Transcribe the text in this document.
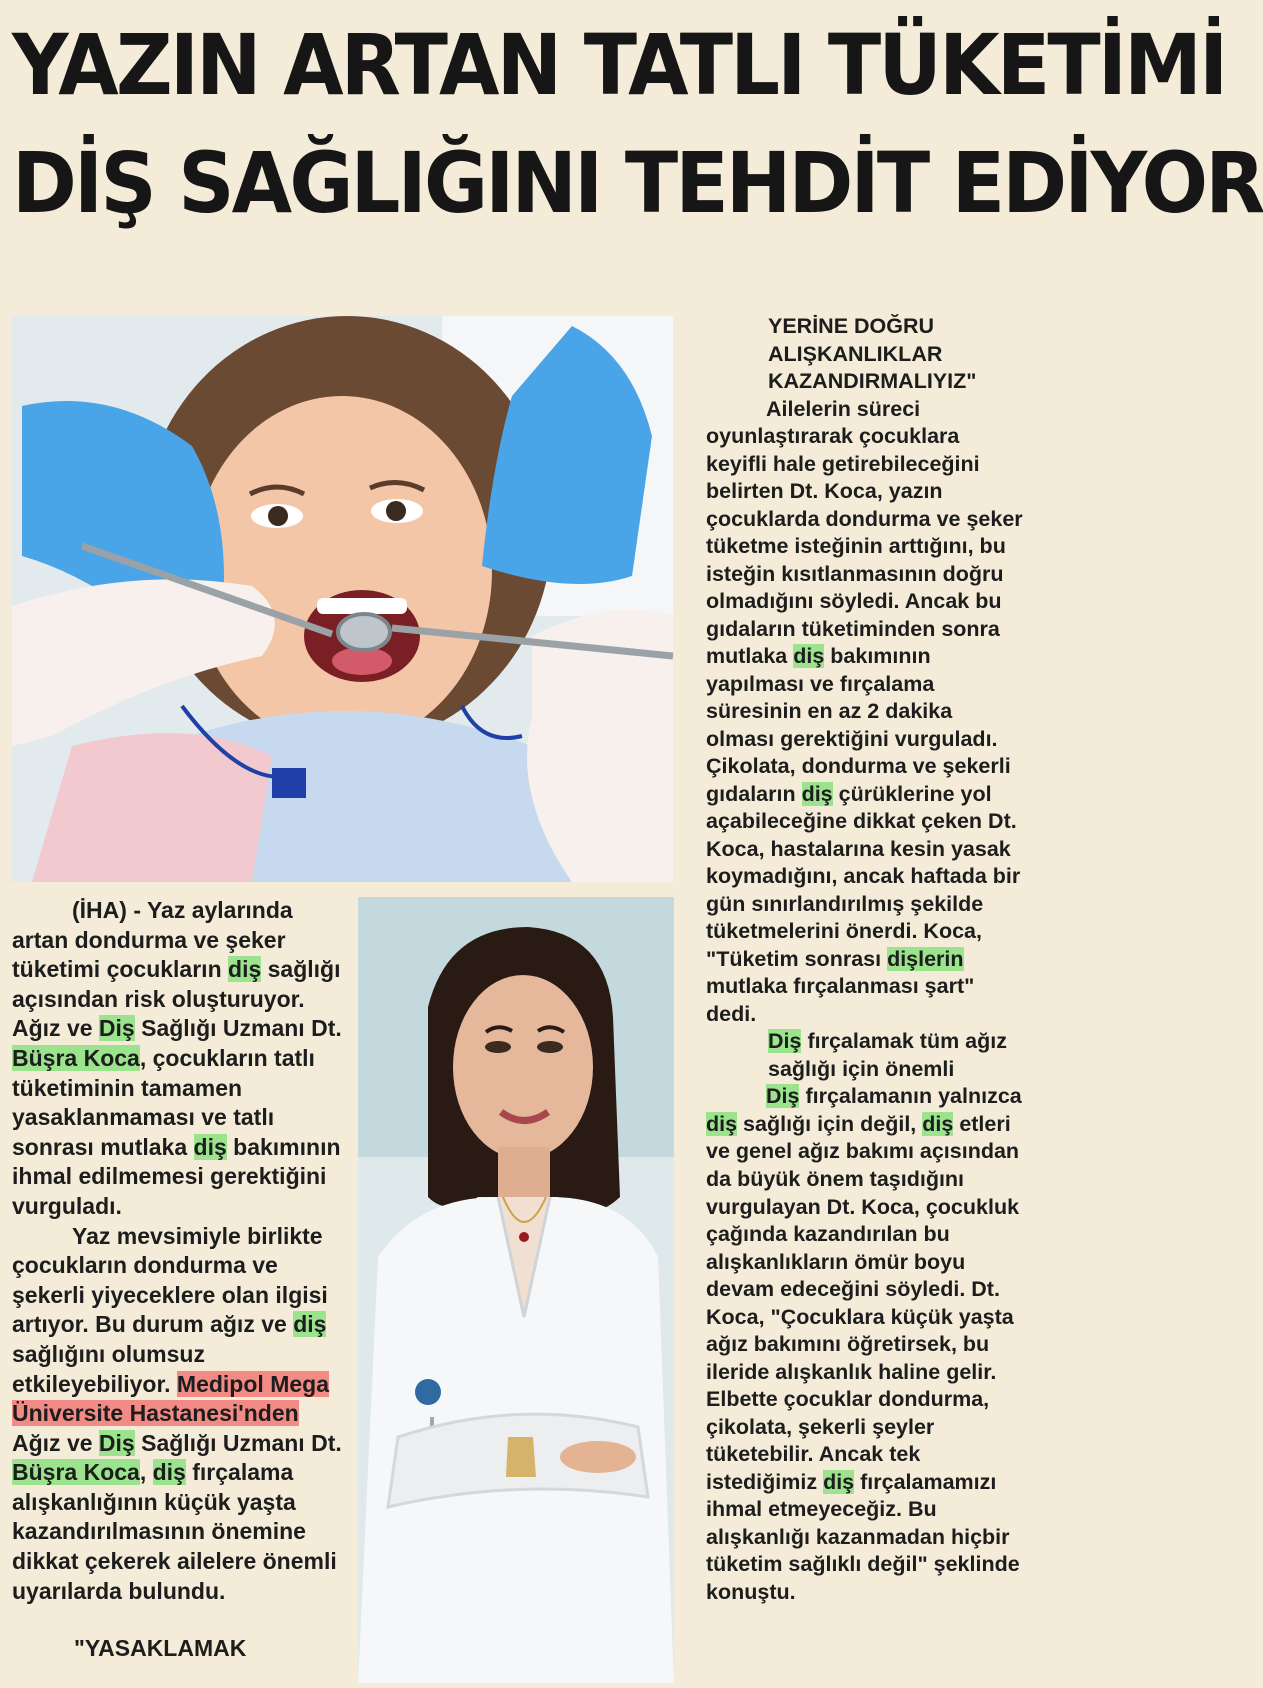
YAZIN ARTAN TATLI TÜKETİMİ
DİŞ SAĞLIĞINI TEHDİT EDİYOR

(İHA) - Yaz aylarında artan dondurma ve şeker tüketimi çocukların diş sağlığı açısından risk oluşturuyor. Ağız ve Diş Sağlığı Uzmanı Dt. Büşra Koca, çocukların tatlı tüketiminin tamamen yasaklanmaması ve tatlı sonrası mutlaka diş bakımının ihmal edilmemesi gerektiğini vurguladı.

Yaz mevsimiyle birlikte çocukların dondurma ve şekerli yiyeceklere olan ilgisi artıyor. Bu durum ağız ve diş sağlığını olumsuz etkileyebiliyor. Medipol Mega Üniversite Hastanesi'nden Ağız ve Diş Sağlığı Uzmanı Dt. Büşra Koca, diş fırçalama alışkanlığının küçük yaşta kazandırılmasının önemine dikkat çekerek ailelere önemli uyarılarda bulundu.

"YASAKLAMAK

YERİNE DOĞRU ALIŞKANLIKLAR KAZANDIRMALIYIZ"

Ailelerin süreci oyunlaştırarak çocuklara keyifli hale getirebileceğini belirten Dt. Koca, yazın çocuklarda dondurma ve şeker tüketme isteğinin arttığını, bu isteğin kısıtlanmasının doğru olmadığını söyledi. Ancak bu gıdaların tüketiminden sonra mutlaka diş bakımının yapılması ve fırçalama süresinin en az 2 dakika olması gerektiğini vurguladı. Çikolata, dondurma ve şekerli gıdaların diş çürüklerine yol açabileceğine dikkat çeken Dt. Koca, hastalarına kesin yasak koymadığını, ancak haftada bir gün sınırlandırılmış şekilde tüketmelerini önerdi. Koca, "Tüketim sonrası dişlerin mutlaka fırçalanması şart" dedi.

Diş fırçalamak tüm ağız sağlığı için önemli

Diş fırçalamanın yalnızca diş sağlığı için değil, diş etleri ve genel ağız bakımı açısından da büyük önem taşıdığını vurgulayan Dt. Koca, çocukluk çağında kazandırılan bu alışkanlıkların ömür boyu devam edeceğini söyledi. Dt. Koca, "Çocuklara küçük yaşta ağız bakımını öğretirsek, bu ileride alışkanlık haline gelir. Elbette çocuklar dondurma, çikolata, şekerli şeyler tüketebilir. Ancak tek istediğimiz diş fırçalamamızı ihmal etmeyeceğiz. Bu alışkanlığı kazanmadan hiçbir tüketim sağlıklı değil" şeklinde konuştu.
